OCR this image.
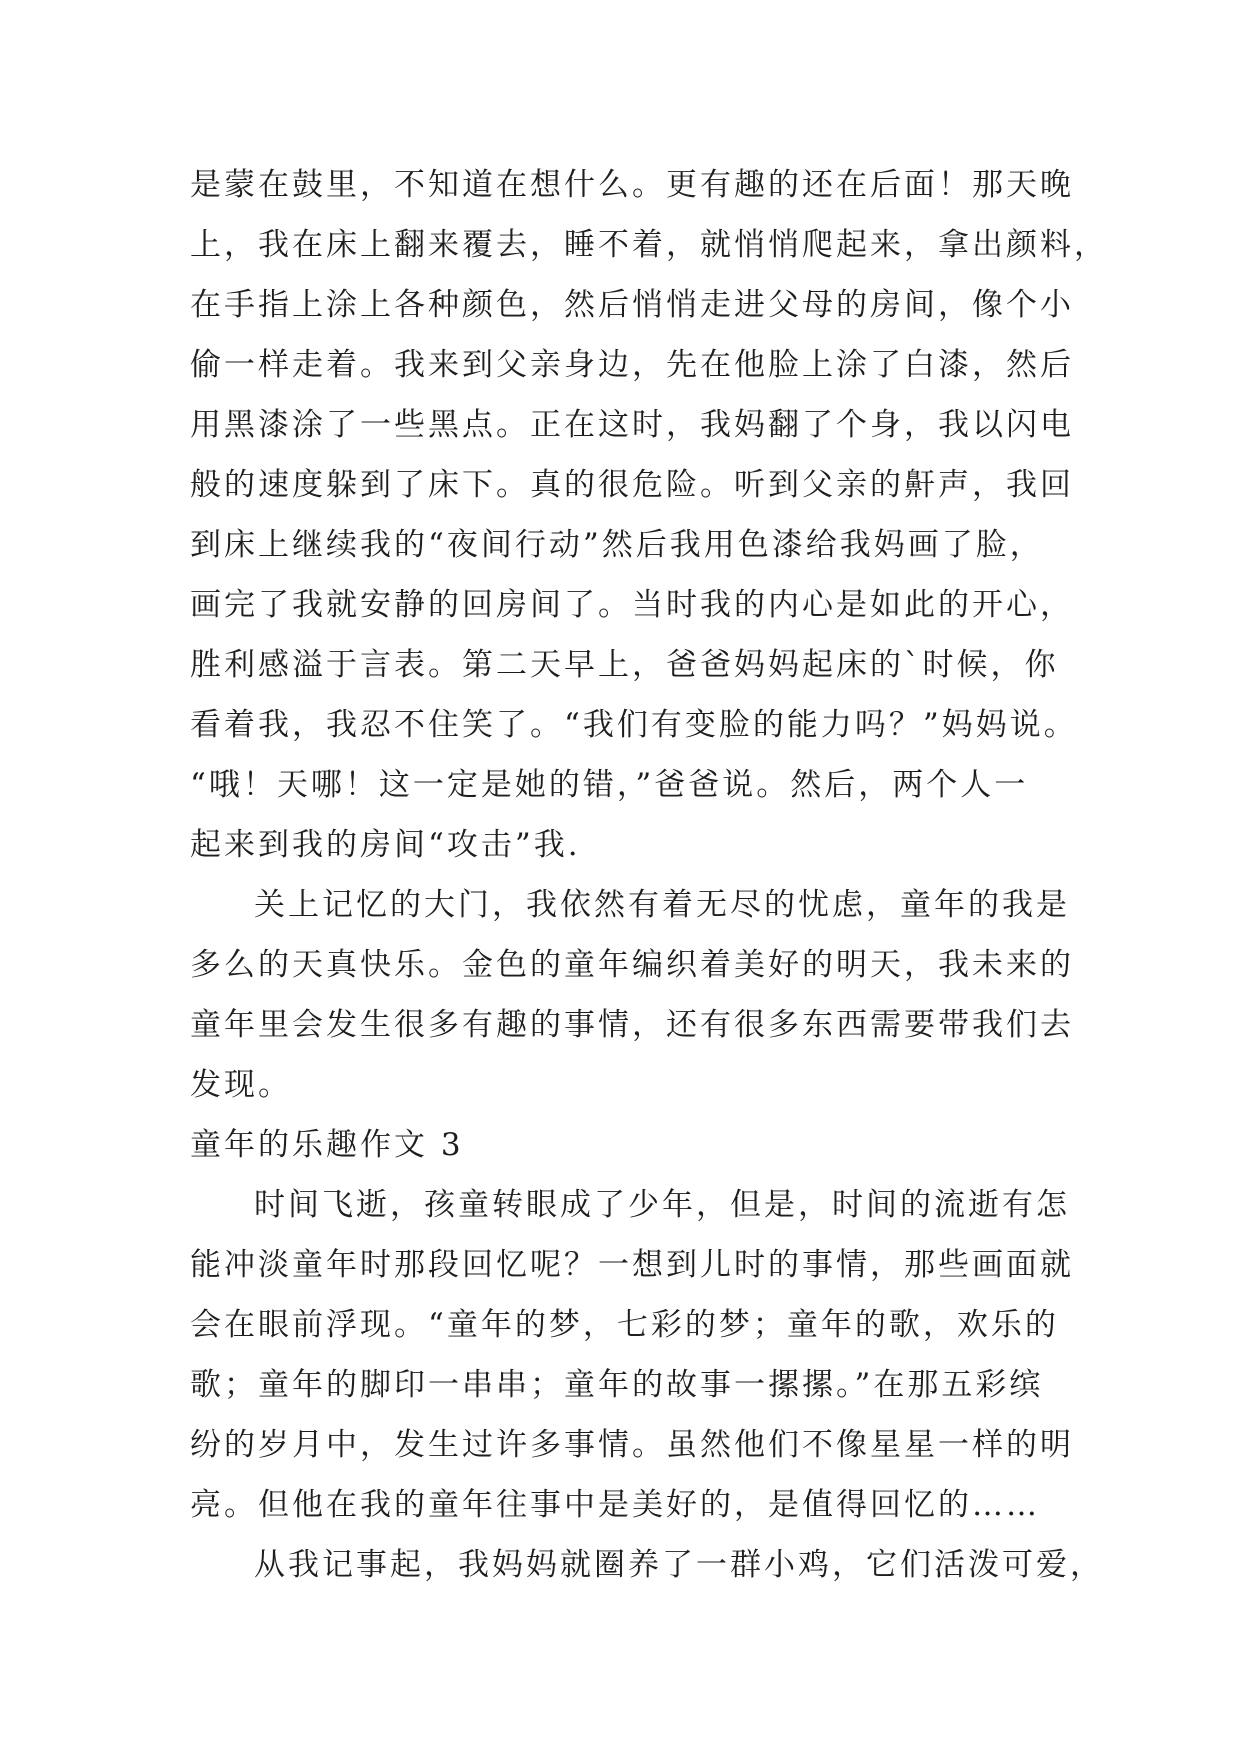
是蒙在鼓里，不知道在想什么。更有趣的还在后面！那天晚
上，我在床上翻来覆去，睡不着，就悄悄爬起来，拿出颜料，
在手指上涂上各种颜色，然后悄悄走进父母的房间，像个小
偷一样走着。我来到父亲身边，先在他脸上涂了白漆，然后
用黑漆涂了一些黑点。正在这时，我妈翻了个身，我以闪电
般的速度躲到了床下。真的很危险。听到父亲的鼾声，我回
到床上继续我的“夜间行动”然后我用色漆给我妈画了脸，
画完了我就安静的回房间了。当时我的内心是如此的开心，
胜利感溢于言表。第二天早上，爸爸妈妈起床的`时候，你
看着我，我忍不住笑了。“我们有变脸的能力吗？”妈妈说。
“哦！天哪！这一定是她的错，”爸爸说。然后，两个人一
起来到我的房间“攻击”我.
关上记忆的大门，我依然有着无尽的忧虑，童年的我是
多么的天真快乐。金色的童年编织着美好的明天，我未来的
童年里会发生很多有趣的事情，还有很多东西需要带我们去
发现。
童年的乐趣作文 3
时间飞逝，孩童转眼成了少年，但是，时间的流逝有怎
能冲淡童年时那段回忆呢？一想到儿时的事情，那些画面就
会在眼前浮现。“童年的梦，七彩的梦；童年的歌，欢乐的
歌；童年的脚印一串串；童年的故事一摞摞。”在那五彩缤
纷的岁月中，发生过许多事情。虽然他们不像星星一样的明
亮。但他在我的童年往事中是美好的，是值得回忆的……
从我记事起，我妈妈就圈养了一群小鸡，它们活泼可爱，
